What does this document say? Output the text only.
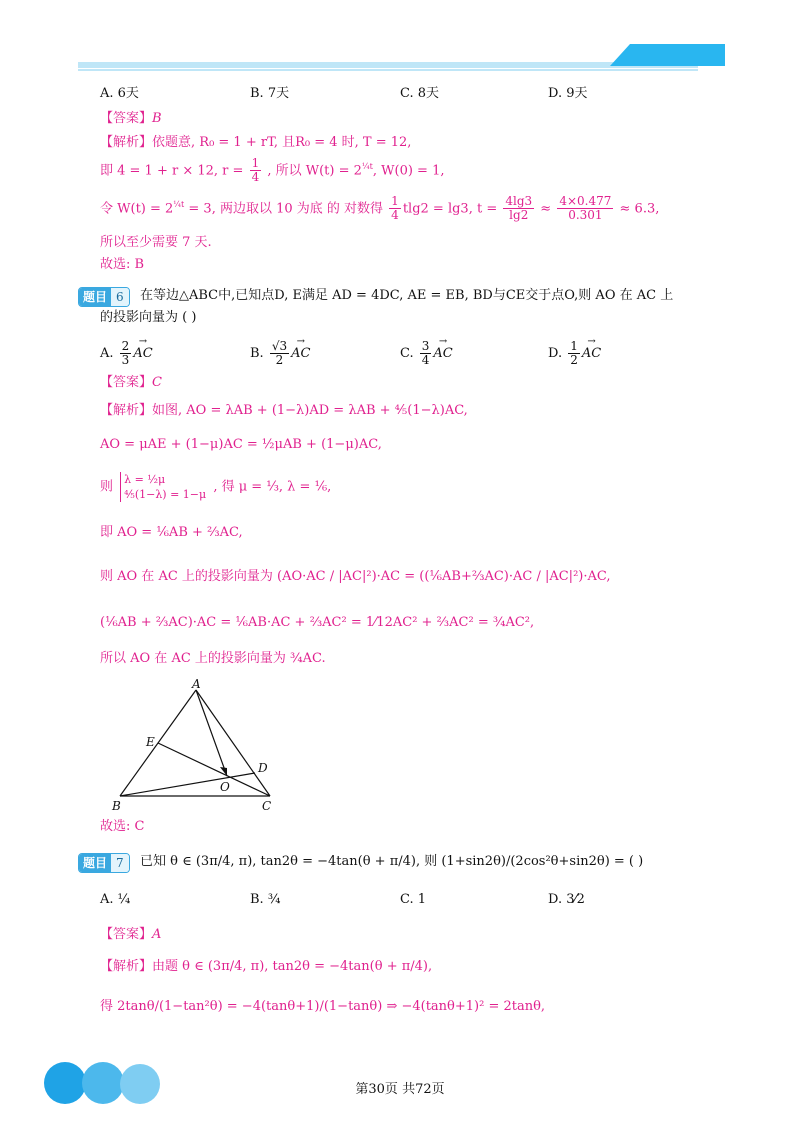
A. 6天	B. 7天	C. 8天	D. 9天
【答案】B
【解析】依题意, R₀ = 1 + rT, 且R₀ = 4 时, T = 12,
即 4 = 1 + r × 12, $r = \frac{1}{4}$ , 所以 $W(t) = 2^{\frac{1}{4}t}$, W(0) = 1,
令 $W(t) = 2^{\frac{1}{4}t} = 3$, 两边取以 10 为底 的 对数得 $\frac{1}{4} tlg2 = \lg 3$, $t = \frac{4\lg 3}{\lg 2} \approx \frac{4\times 0.477}{0.301} \approx 6.3$,
所以至少需要 7 天.
故选: B
题目 6	在等边△ABC中,已知点D, E满足 AD = 4DC, AE = EB, BD与CE交于点O,则 AO 在 AC 上
的投影向量为 ( )
A. $\frac{2}{3}$ → AC	B. $\frac{√3}{2}$ → AC	C. $\frac{3}{4}$ → AC	D. $\frac{1}{2}$ → AC
【答案】C
【解析】如图, AO = λAB + (1−λ)AD = λAB + ⁴⁄₅(1−λ)AC,
AO = μAE + (1−μ)AC = ½μAB + (1−μ)AC,
则 λ = ½μ
⁴⁄₅(1−λ) = 1−μ , 得 μ = ⅓, λ = ⅙,
即 AO = ⅙AB + ⅔AC,
则 AO 在 AC 上的投影向量为 (AO·AC / |AC|²)·AC = ((⅙AB+⅔AC)·AC / |AC|²)·AC,
(⅙AB + ⅔AC)·AC = ⅙AB·AC + ⅔AC² = 1⁄12AC² + ⅔AC² = ¾AC²,
所以 AO 在 AC 上的投影向量为 ¾AC.
A
B	C
D
E
O
故选: C
题目 7	已知 θ ∈ (3π/4, π), tan2θ = −4tan(θ + π/4), 则 (1+sin2θ)/(2cos²θ+sin2θ) = ( )
A. ¼	B. ¾	C. 1	D. 3⁄2
【答案】A
【解析】由题 θ ∈ (3π/4, π), tan2θ = −4tan(θ + π/4),
得 2tanθ/(1−tan²θ) = −4(tanθ+1)/(1−tanθ) ⇒ −4(tanθ+1)² = 2tanθ,
第30页 共72页
